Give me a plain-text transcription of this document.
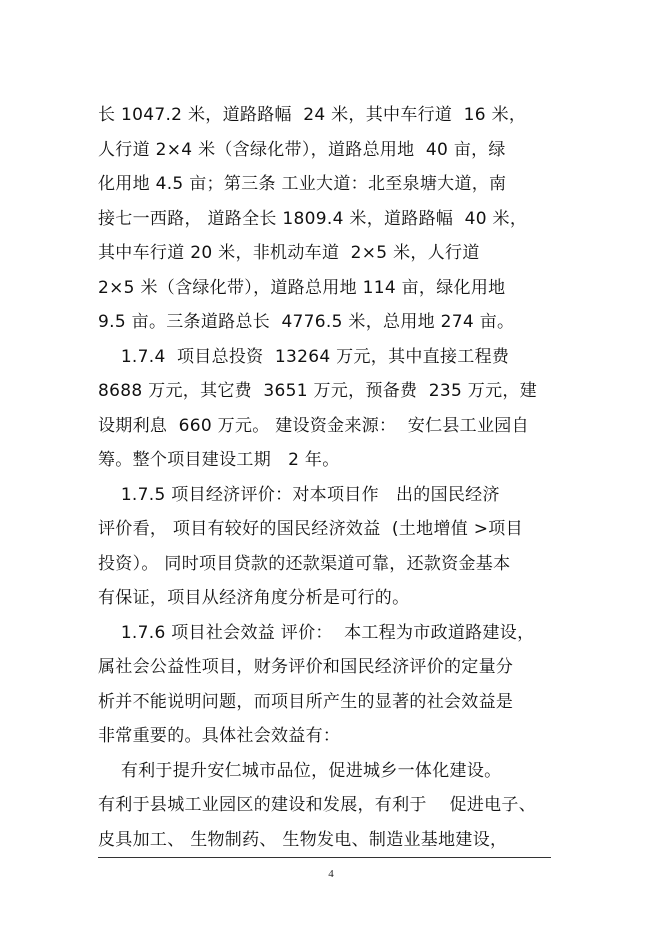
长 1047.2 米，道路路幅  24 米，其中车行道  16 米，
人行道 2×4 米（含绿化带），道路总用地  40 亩，绿
化用地 4.5 亩；第三条 工业大道：北至泉塘大道，南
接七一西路， 道路全长 1809.4 米，道路路幅  40 米，
其中车行道 20 米，非机动车道  2×5 米，人行道
2×5 米（含绿化带），道路总用地 114 亩，绿化用地
9.5 亩。三条道路总长  4776.5 米，总用地 274 亩。
1.7.4  项目总投资  13264 万元，其中直接工程费
8688 万元，其它费  3651 万元，预备费  235 万元，建
设期利息  660 万元。 建设资金来源：  安仁县工业园自
筹。整个项目建设工期   2 年。
1.7.5 项目经济评价：对本项目作   出的国民经济
评价看， 项目有较好的国民经济效益  (土地增值 >项目
投资）。 同时项目贷款的还款渠道可靠，还款资金基本
有保证，项目从经济角度分析是可行的。
1.7.6 项目社会效益 评价：  本工程为市政道路建设，
属社会公益性项目，财务评价和国民经济评价的定量分
析并不能说明问题，而项目所产生的显著的社会效益是
非常重要的。具体社会效益有：
有利于提升安仁城市品位，促进城乡一体化建设。
有利于县城工业园区的建设和发展，有利于    促进电子、
皮具加工、 生物制药、 生物发电、制造业基地建设，
4
